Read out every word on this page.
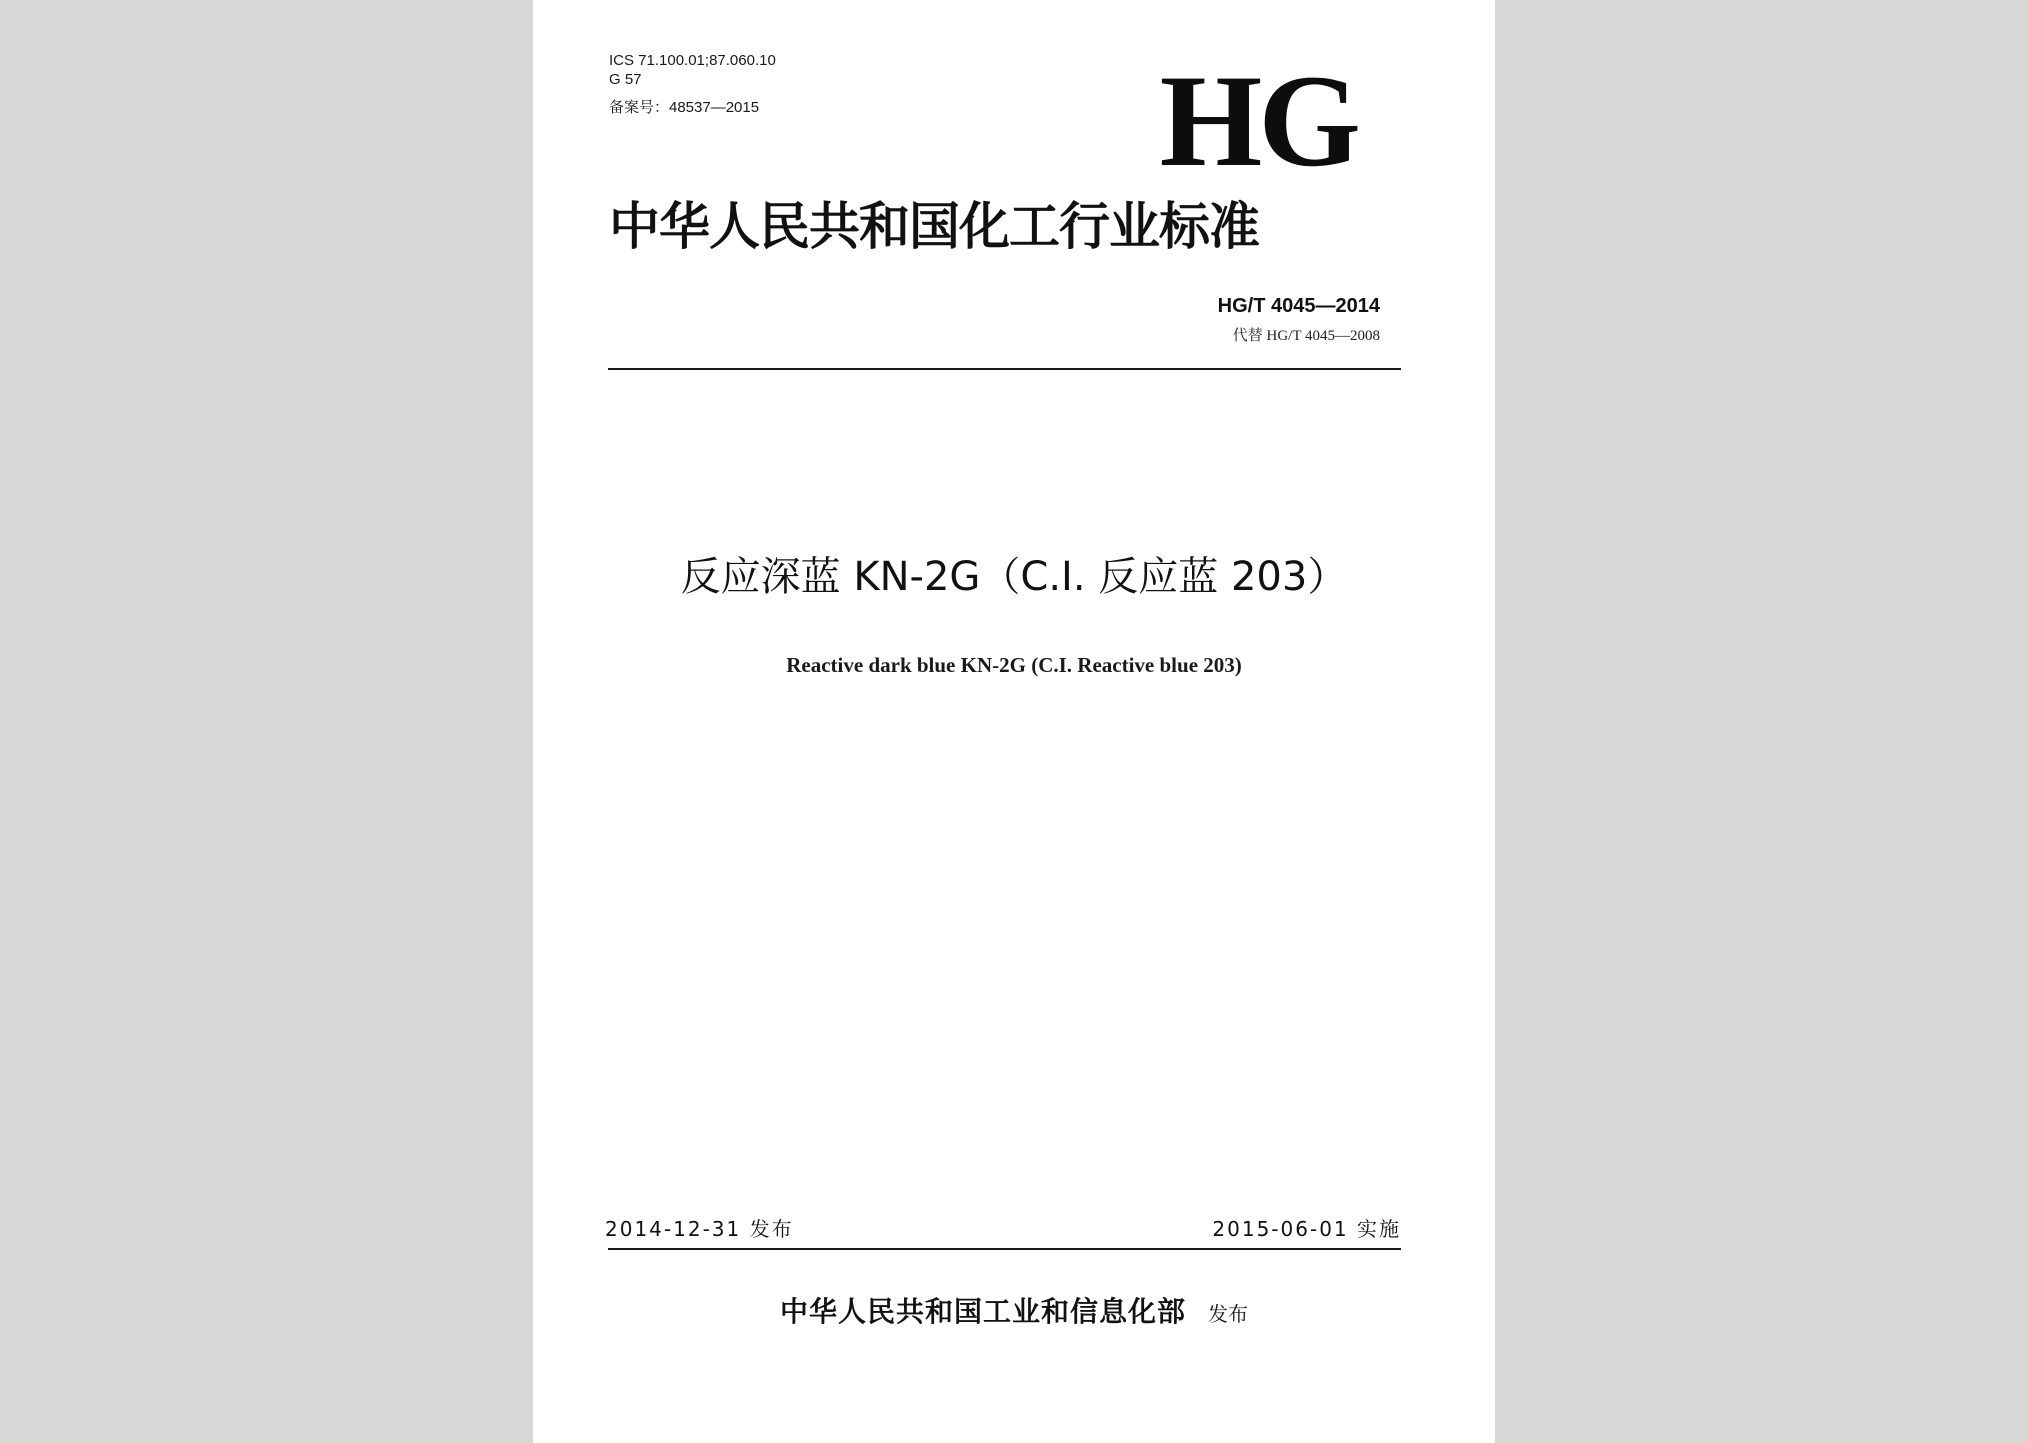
ICS 71.100.01;87.060.10
G 57
备案号：48537—2015	HG
中华人民共和国化工行业标准
HG/T 4045—2014
代替 HG/T 4045—2008
反应深蓝 KN-2G（C.I. 反应蓝 203）
Reactive dark blue KN-2G (C.I. Reactive blue 203)
2014-12-31 发布	2015-06-01 实施
中华人民共和国工业和信息化部 发布
